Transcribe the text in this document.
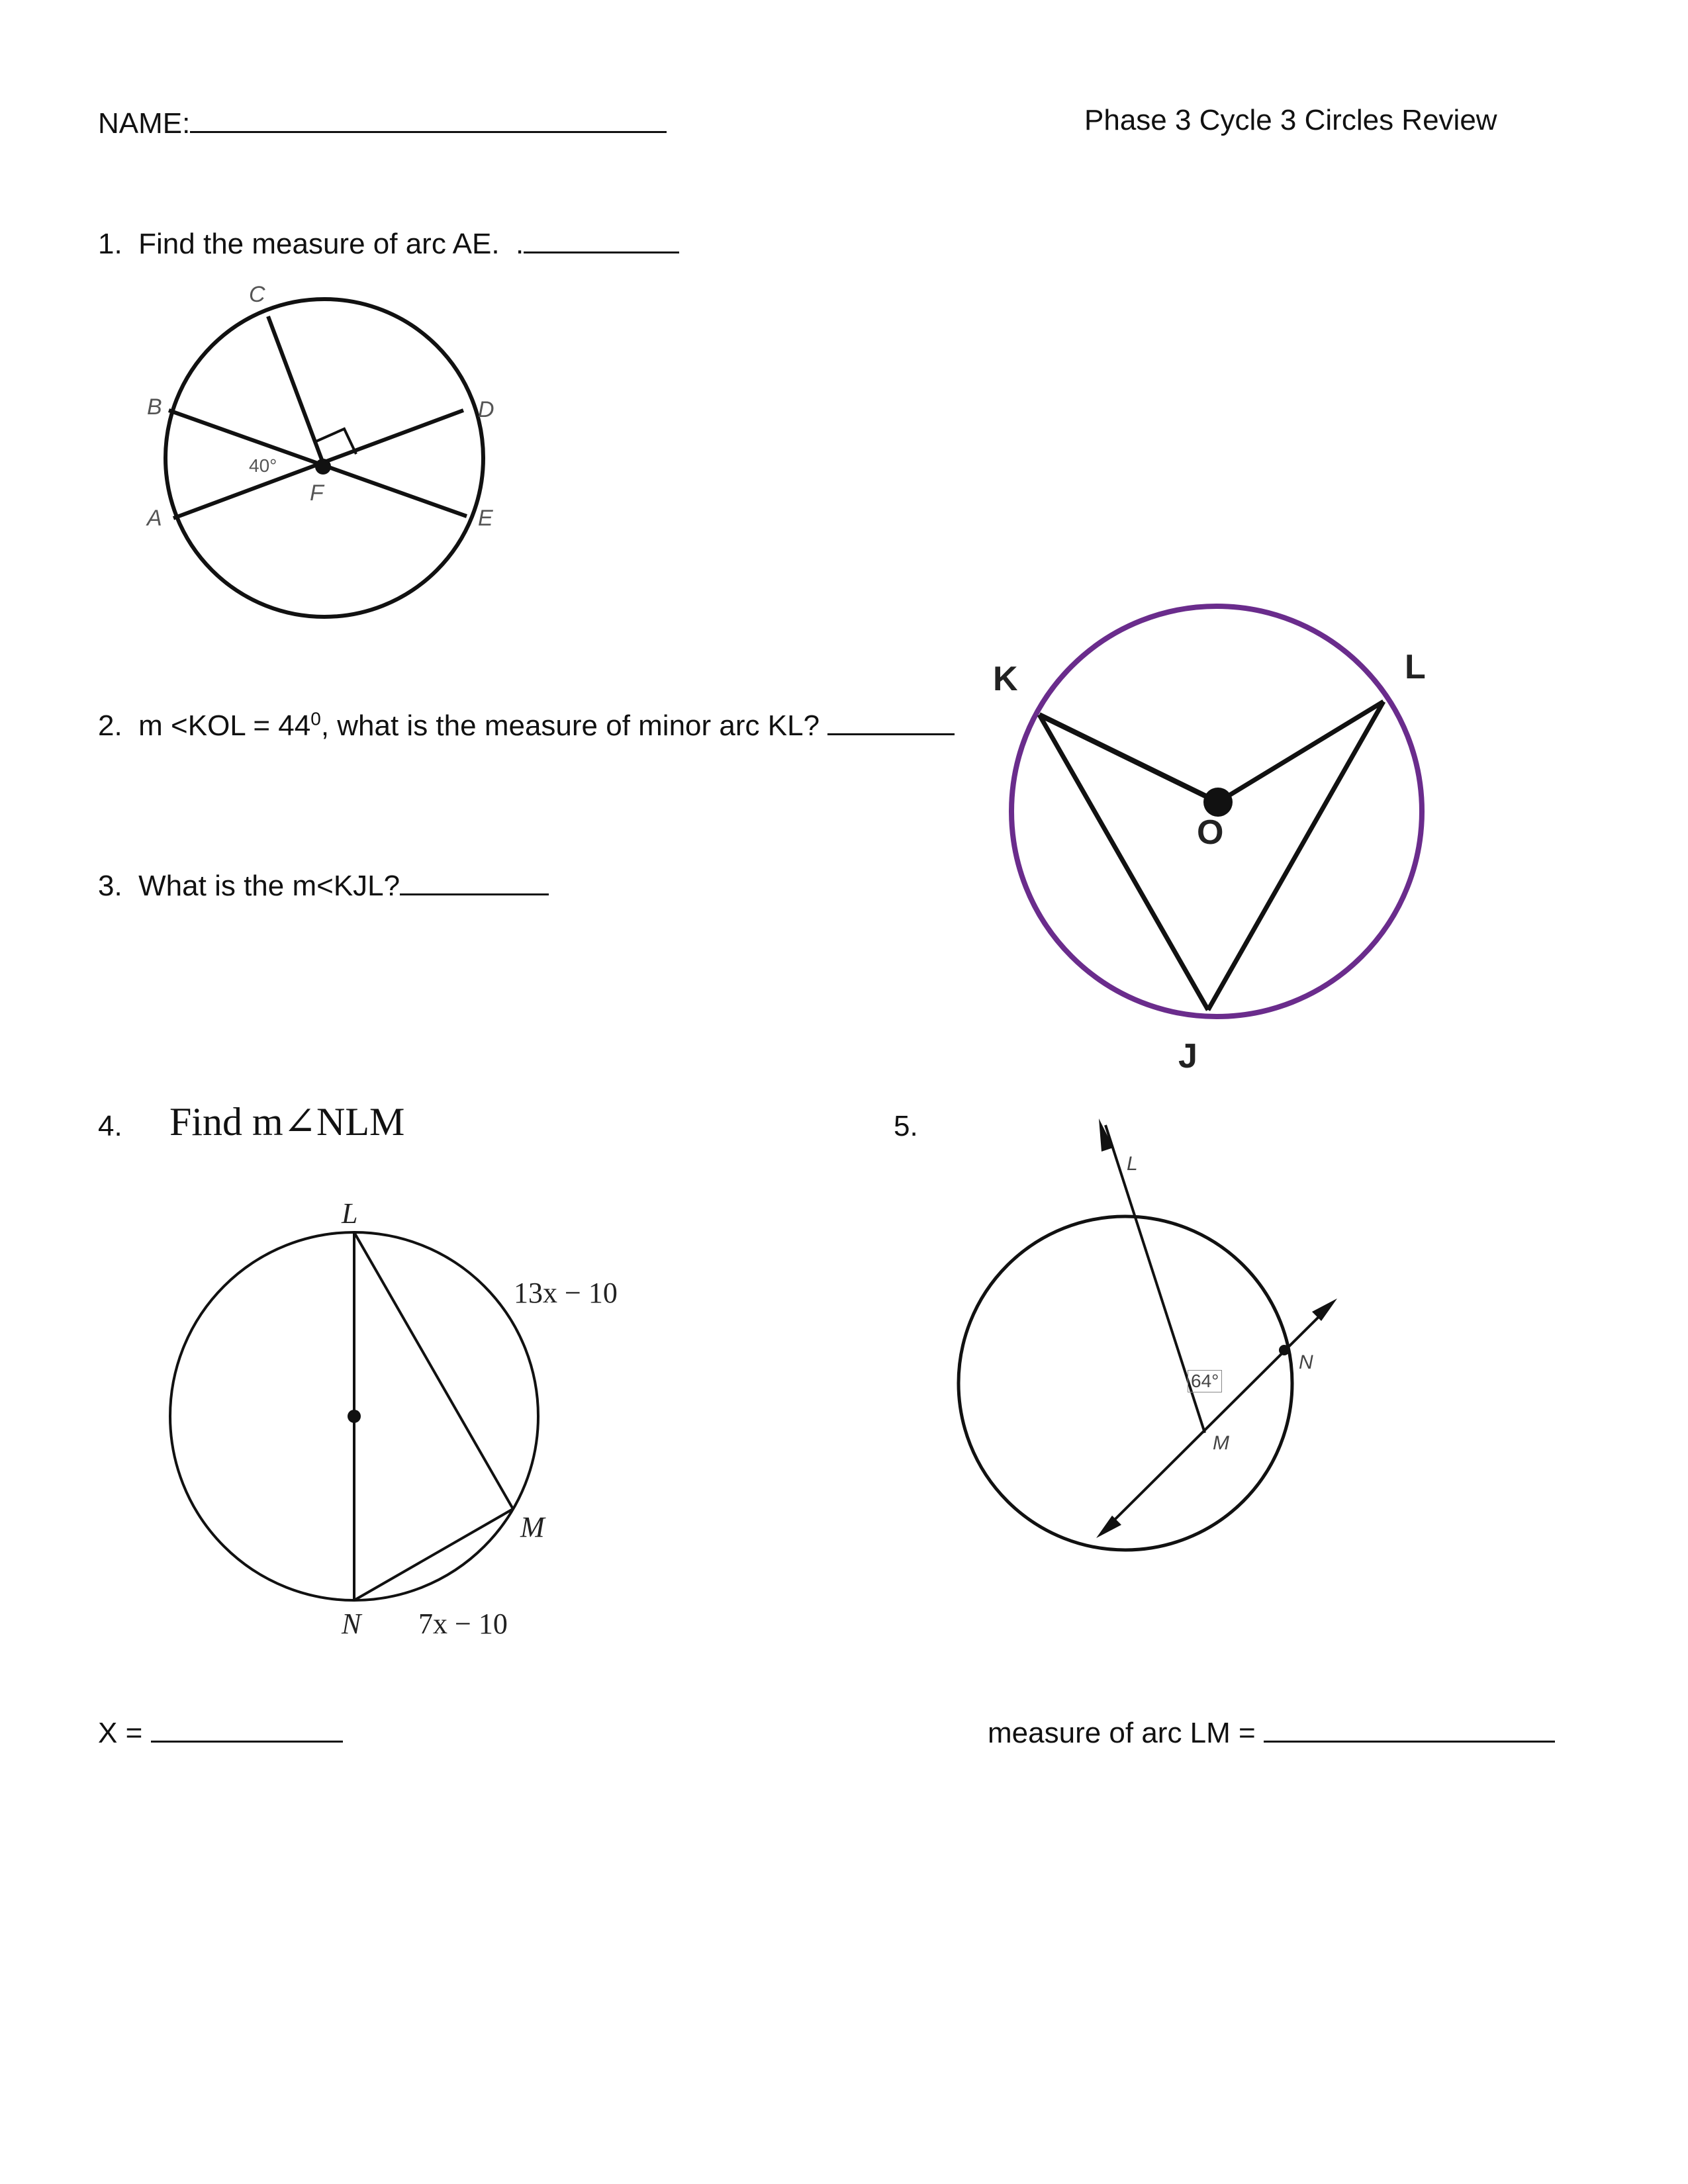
NAME:	Phase 3 Cycle 3 Circles Review
1. Find the measure of arc AE. .
C
B	D
A	E
F
40°
2. $m <KOL = 44^0$, what is the measure of minor arc KL?
3. What is the m<KJL?
K	L
O
J
4. Find m∠NLM
L
M
N
13x − 10
7x − 10
5.
L
M
N
64°
X =	measure of arc LM =
